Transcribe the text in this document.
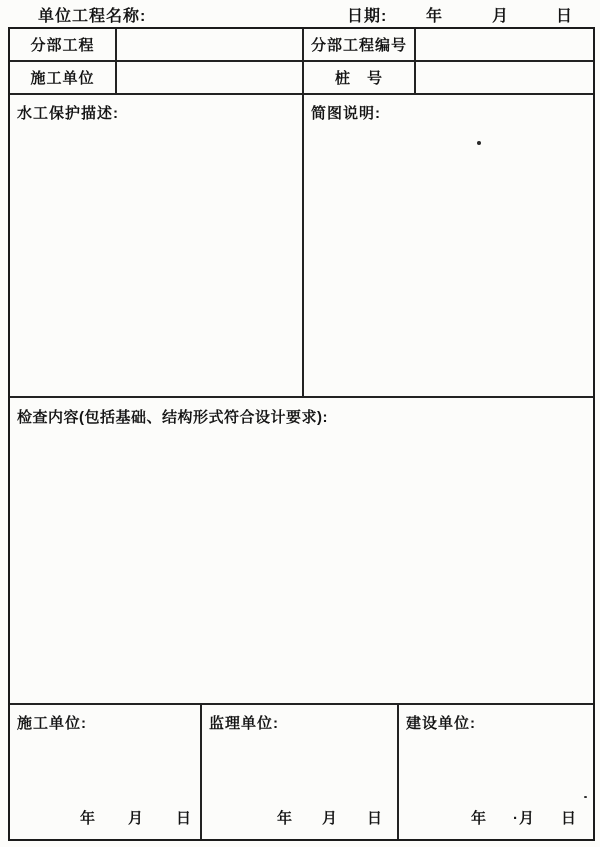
单位工程名称:	日期: 年	月	日
分部工程	分部工程编号
施工单位	桩　号
水工保护描述:	简图说明:
检查内容(包括基础、结构形式符合设计要求):
施工单位:
年 月 日
监理单位:
年 月 日
建设单位:
年 ·月 日
